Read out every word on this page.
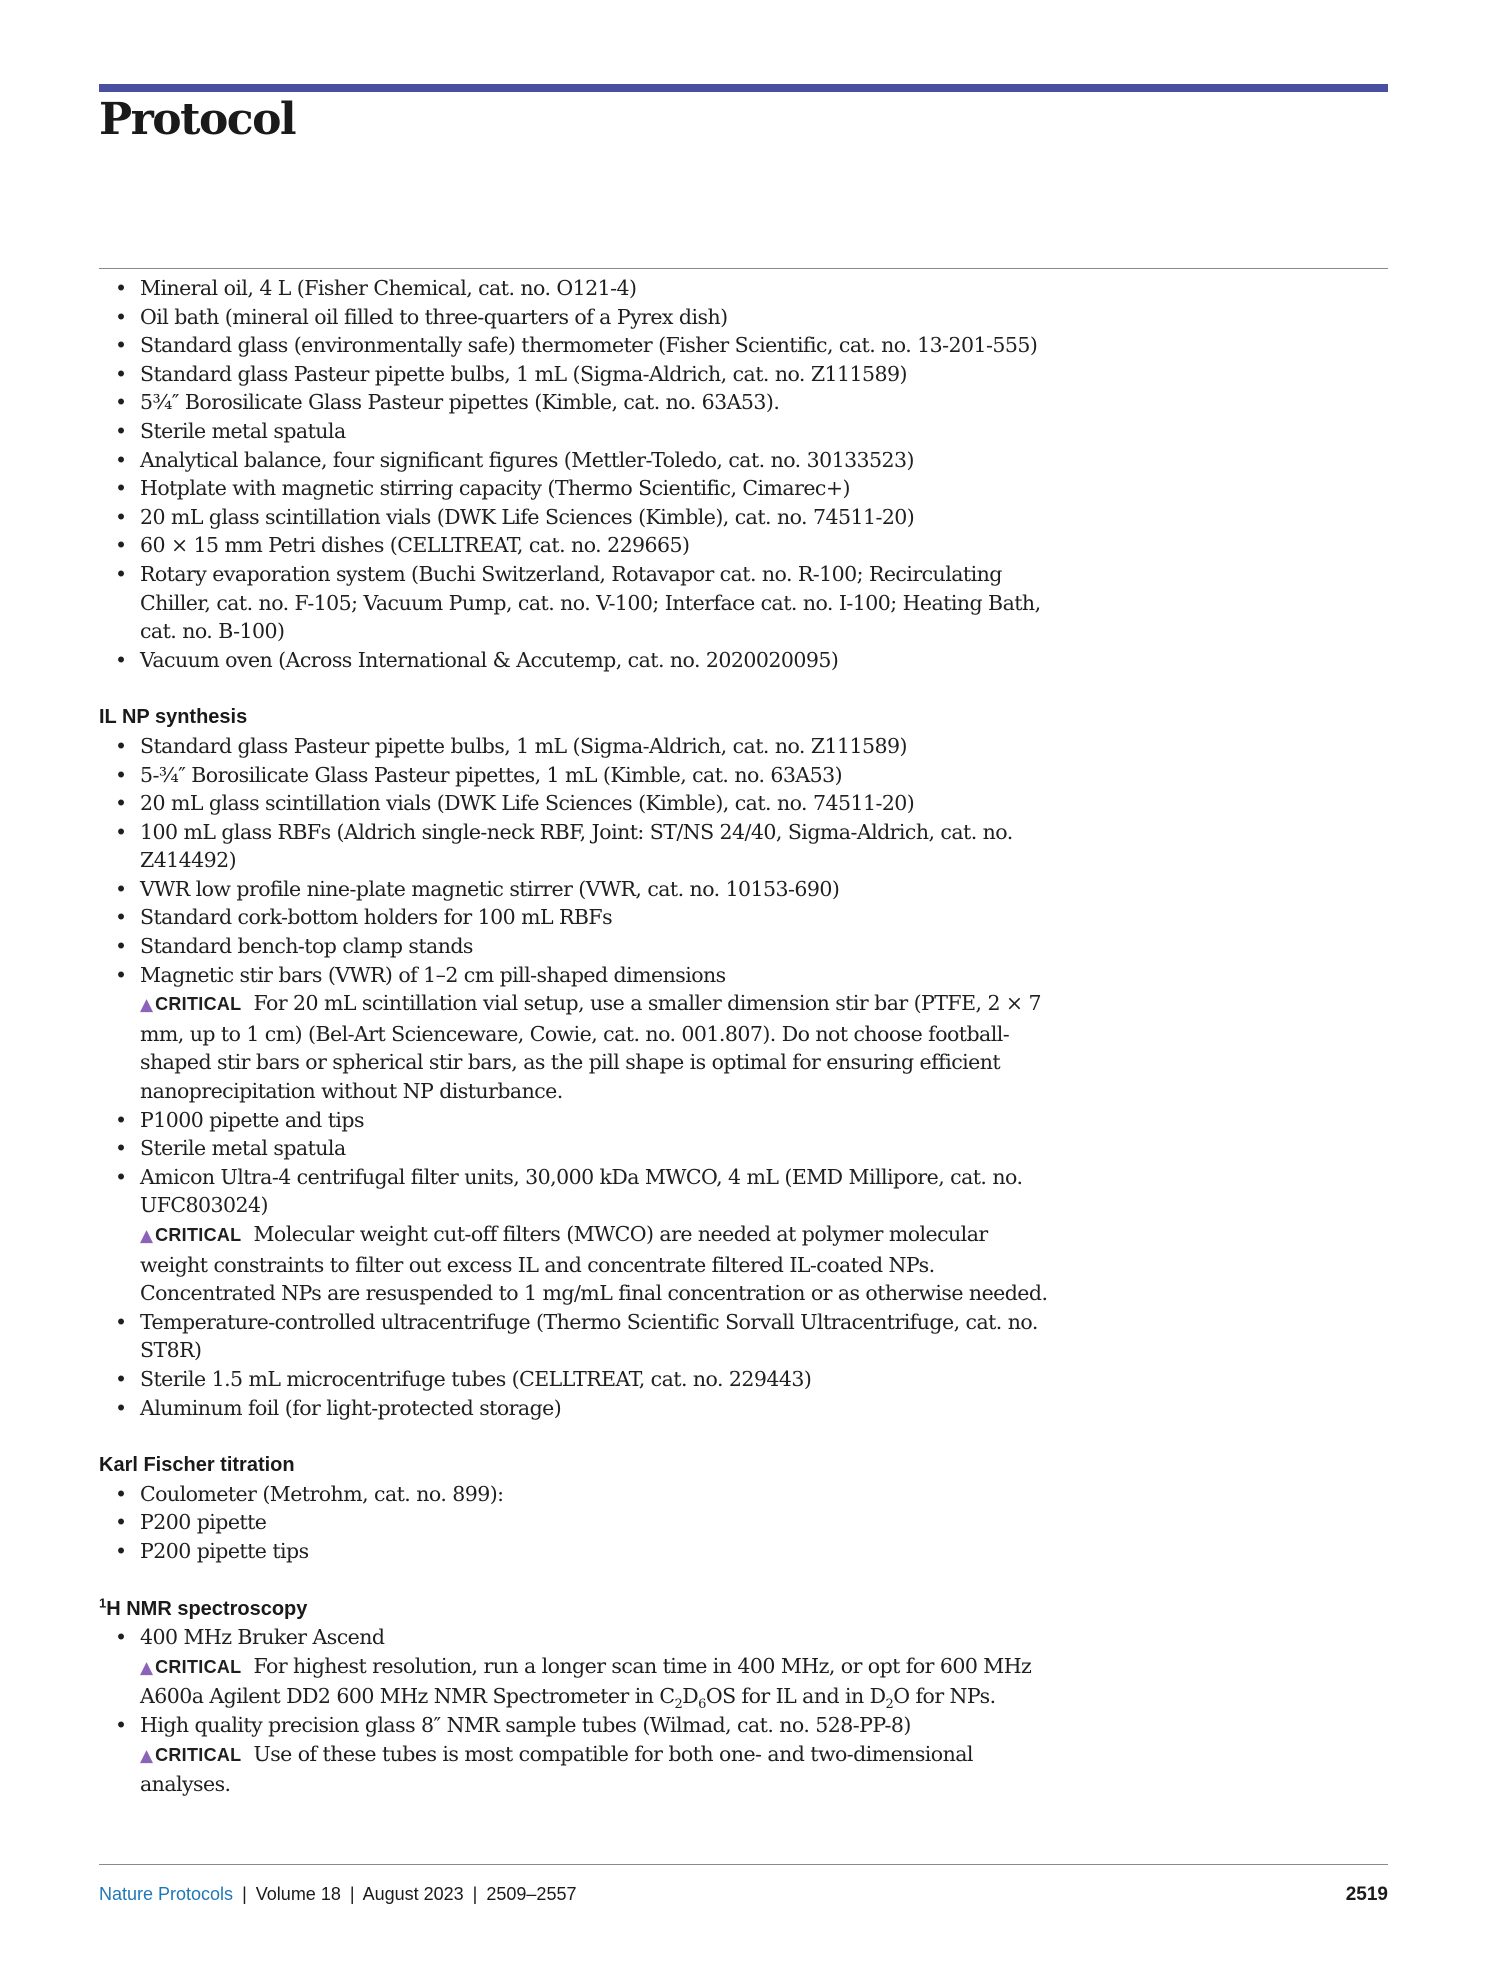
Protocol
• Mineral oil, 4 L (Fisher Chemical, cat. no. O121-4)
• Oil bath (mineral oil filled to three-quarters of a Pyrex dish)
• Standard glass (environmentally safe) thermometer (Fisher Scientific, cat. no. 13-201-555)
• Standard glass Pasteur pipette bulbs, 1 mL (Sigma-Aldrich, cat. no. Z111589)
• 5¾″ Borosilicate Glass Pasteur pipettes (Kimble, cat. no. 63A53).
• Sterile metal spatula
• Analytical balance, four significant figures (Mettler-Toledo, cat. no. 30133523)
• Hotplate with magnetic stirring capacity (Thermo Scientific, Cimarec+)
• 20 mL glass scintillation vials (DWK Life Sciences (Kimble), cat. no. 74511-20)
• 60 × 15 mm Petri dishes (CELLTREAT, cat. no. 229665)
• Rotary evaporation system (Buchi Switzerland, Rotavapor cat. no. R-100; Recirculating Chiller, cat. no. F-105; Vacuum Pump, cat. no. V-100; Interface cat. no. I-100; Heating Bath, cat. no. B-100)
• Vacuum oven (Across International & Accutemp, cat. no. 2020020095)
IL NP synthesis
• Standard glass Pasteur pipette bulbs, 1 mL (Sigma-Aldrich, cat. no. Z111589)
• 5-¾″ Borosilicate Glass Pasteur pipettes, 1 mL (Kimble, cat. no. 63A53)
• 20 mL glass scintillation vials (DWK Life Sciences (Kimble), cat. no. 74511-20)
• 100 mL glass RBFs (Aldrich single-neck RBF, Joint: ST/NS 24/40, Sigma-Aldrich, cat. no. Z414492)
• VWR low profile nine-plate magnetic stirrer (VWR, cat. no. 10153-690)
• Standard cork-bottom holders for 100 mL RBFs
• Standard bench-top clamp stands
• Magnetic stir bars (VWR) of 1–2 cm pill-shaped dimensions
▲ CRITICAL For 20 mL scintillation vial setup, use a smaller dimension stir bar (PTFE, 2 × 7 mm, up to 1 cm) (Bel-Art Scienceware, Cowie, cat. no. 001.807). Do not choose football-shaped stir bars or spherical stir bars, as the pill shape is optimal for ensuring efficient nanoprecipitation without NP disturbance.
• P1000 pipette and tips
• Sterile metal spatula
• Amicon Ultra-4 centrifugal filter units, 30,000 kDa MWCO, 4 mL (EMD Millipore, cat. no. UFC803024)
▲ CRITICAL Molecular weight cut-off filters (MWCO) are needed at polymer molecular weight constraints to filter out excess IL and concentrate filtered IL-coated NPs. Concentrated NPs are resuspended to 1 mg/mL final concentration or as otherwise needed.
• Temperature-controlled ultracentrifuge (Thermo Scientific Sorvall Ultracentrifuge, cat. no. ST8R)
• Sterile 1.5 mL microcentrifuge tubes (CELLTREAT, cat. no. 229443)
• Aluminum foil (for light-protected storage)
Karl Fischer titration
• Coulometer (Metrohm, cat. no. 899):
• P200 pipette
• P200 pipette tips
$^1$H NMR spectroscopy
• 400 MHz Bruker Ascend
▲ CRITICAL For highest resolution, run a longer scan time in 400 MHz, or opt for 600 MHz A600a Agilent DD2 600 MHz NMR Spectrometer in $C_2D_6OS$ for IL and in $D_2O$ for NPs.
• High quality precision glass 8″ NMR sample tubes (Wilmad, cat. no. 528-PP-8)
▲ CRITICAL Use of these tubes is most compatible for both one- and two-dimensional analyses.
Nature Protocols | Volume 18 | August 2023 | 2509–2557	2519
